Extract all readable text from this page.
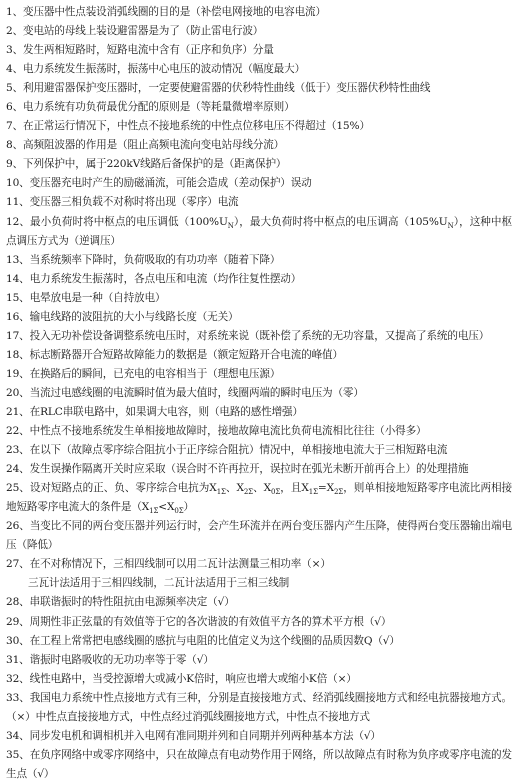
1、变压器中性点装设消弧线圈的目的是（补偿电网接地的电容电流）
2、变电站的母线上装设避雷器是为了（防止雷电行波）
3、发生两相短路时，短路电流中含有（正序和负序）分量
4、电力系统发生振荡时，振荡中心电压的波动情况（幅度最大）
5、利用避雷器保护变压器时，一定要使避雷器的伏秒特性曲线（低于）变压器伏秒特性曲线
6、电力系统有功负荷最优分配的原则是（等耗量微增率原则）
7、在正常运行情况下，中性点不接地系统的中性点位移电压不得超过（15%）
8、高频阻波器的作用是（阻止高频电流向变电站母线分流）
9、下列保护中，属于220kV线路后备保护的是（距离保护）
10、变压器充电时产生的励磁涌流，可能会造成（差动保护）误动
11、变压器三相负载不对称时将出现（零序）电流
12、最小负荷时将中枢点的电压调低$(100\%U_N)$，最大负荷时将中枢点的电压调高$(105\%U_N)$，这种中枢点调压方式为（逆调压）
13、当系统频率下降时，负荷吸取的有功功率（随着下降）
14、电力系统发生振荡时，各点电压和电流（均作往复性摆动）
15、电晕放电是一种（自持放电）
16、输电线路的波阻抗的大小与线路长度（无关）
17、投入无功补偿设备调整系统电压时，对系统来说（既补偿了系统的无功容量，又提高了系统的电压）
18、标志断路器开合短路故障能力的数据是（额定短路开合电流的峰值）
19、在换路后的瞬间，已充电的电容相当于（理想电压源）
20、当流过电感线圈的电流瞬时值为最大值时，线圈两端的瞬时电压为（零）
21、在RLC串联电路中，如果调大电容，则（电路的感性增强）
22、中性点不接地系统发生单相接地故障时，接地故障电流比负荷电流相比往往（小得多）
23、在以下（故障点零序综合阻抗小于正序综合阻抗）情况中，单相接地电流大于三相短路电流
24、发生误操作隔离开关时应采取（误合时不许再拉开，误拉时在弧光未断开前再合上）的处理措施
25、设对短路点的正、负、零序综合电抗为$X_{1\Sigma}$、$X_{2\Sigma}$、$X_{0\Sigma}$，且$X_{1\Sigma}=X_{2\Sigma}$，则单相接地短路零序电流比两相接地短路零序电流大的条件是$(X_{1\Sigma}<X_{0\Sigma})$
26、当变比不同的两台变压器并列运行时，会产生环流并在两台变压器内产生压降，使得两台变压器输出端电压（降低）
27、在不对称情况下，三相四线制可以用二瓦计法测量三相功率（×）
三瓦计法适用于三相四线制，二瓦计法适用于三相三线制
28、串联谐振时的特性阻抗由电源频率决定（√）
29、周期性非正弦量的有效值等于它的各次谐波的有效值平方各的算术平方根（√）
30、在工程上常常把电感线圈的感抗与电阻的比值定义为这个线圈的品质因数Q（√）
31、谐振时电路吸收的无功功率等于零（√）
32、线性电路中，当受控源增大或减小K倍时，响应也增大或缩小K倍（×）
33、我国电力系统中性点接地方式有三种，分别是直接接地方式、经消弧线圈接地方式和经电抗器接地方式。（×）中性点直接接地方式，中性点经过消弧线圈接地方式，中性点不接地方式
34、同步发电机和调相机并入电网有准同期并列和自同期并列两种基本方法（√）
35、在负序网络中或零序网络中，只在故障点有电动势作用于网络，所以故障点有时称为负序或零序电流的发生点（√）
